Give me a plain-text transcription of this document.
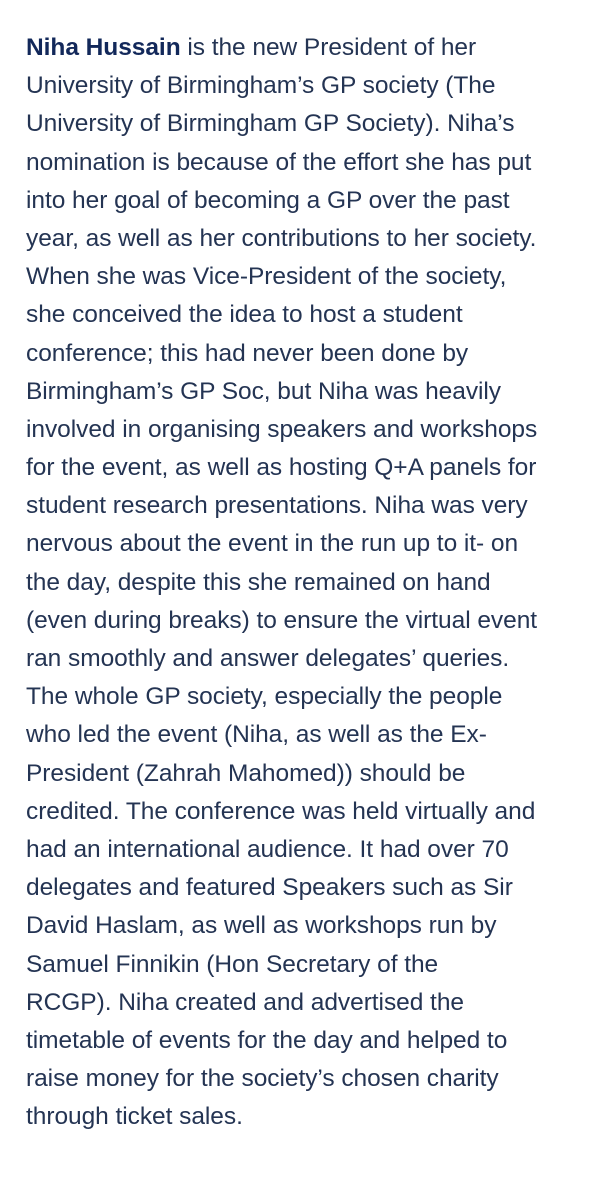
Niha Hussain is the new President of her
University of Birmingham’s GP society (The
University of Birmingham GP Society). Niha’s
nomination is because of the effort she has put
into her goal of becoming a GP over the past
year, as well as her contributions to her society.
When she was Vice-President of the society,
she conceived the idea to host a student
conference; this had never been done by
Birmingham’s GP Soc, but Niha was heavily
involved in organising speakers and workshops
for the event, as well as hosting Q+A panels for
student research presentations. Niha was very
nervous about the event in the run up to it- on
the day, despite this she remained on hand
(even during breaks) to ensure the virtual event
ran smoothly and answer delegates’ queries.
The whole GP society, especially the people
who led the event (Niha, as well as the Ex-
President (Zahrah Mahomed)) should be
credited. The conference was held virtually and
had an international audience. It had over 70
delegates and featured Speakers such as Sir
David Haslam, as well as workshops run by
Samuel Finnikin (Hon Secretary of the
RCGP). Niha created and advertised the
timetable of events for the day and helped to
raise money for the society’s chosen charity
through ticket sales.
